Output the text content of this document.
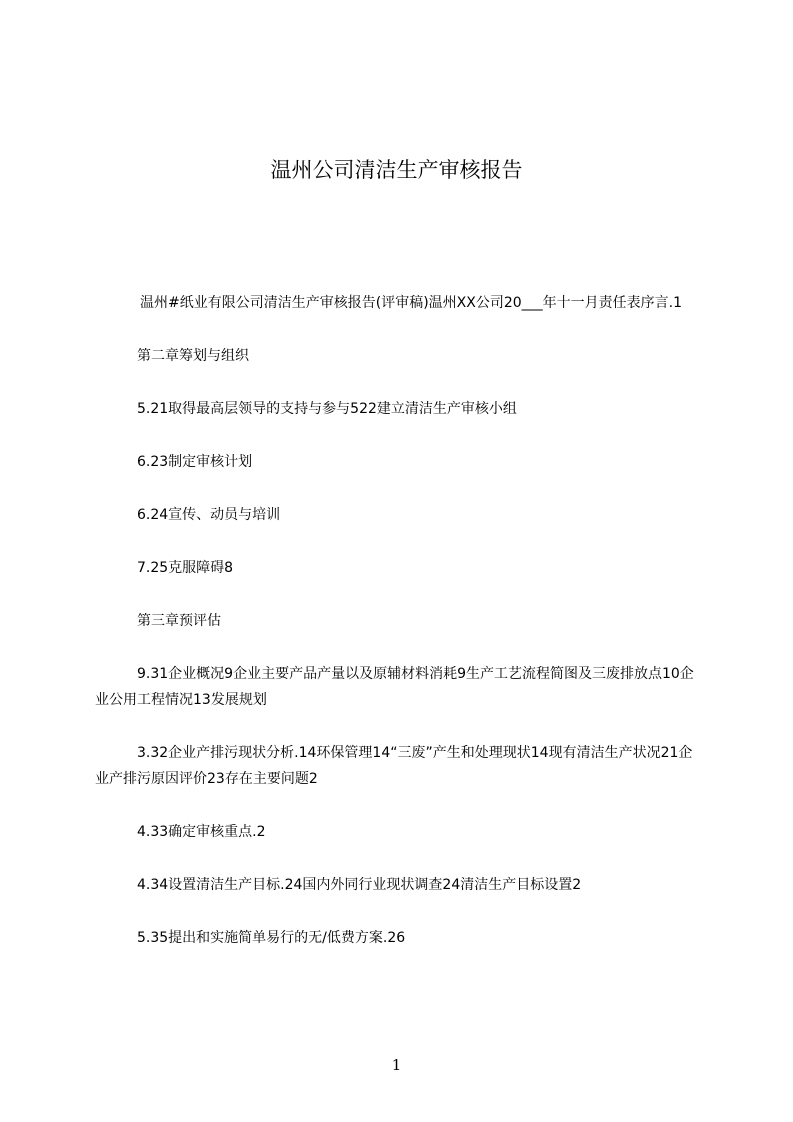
温州公司清洁生产审核报告

温州#纸业有限公司清洁生产审核报告(评审稿)温州XX公司20___年十一月责任表序言.1

第二章筹划与组织

5.21取得最高层领导的支持与参与522建立清洁生产审核小组

6.23制定审核计划

6.24宣传、动员与培训

7.25克服障碍8

第三章预评估

9.31企业概况9企业主要产品产量以及原辅材料消耗9生产工艺流程简图及三废排放点10企业公用工程情况13发展规划

3.32企业产排污现状分析.14环保管理14“三废”产生和处理现状14现有清洁生产状况21企业产排污原因评价23存在主要问题2

4.33确定审核重点.2

4.34设置清洁生产目标.24国内外同行业现状调查24清洁生产目标设置2

5.35提出和实施简单易行的无/低费方案.26

1
